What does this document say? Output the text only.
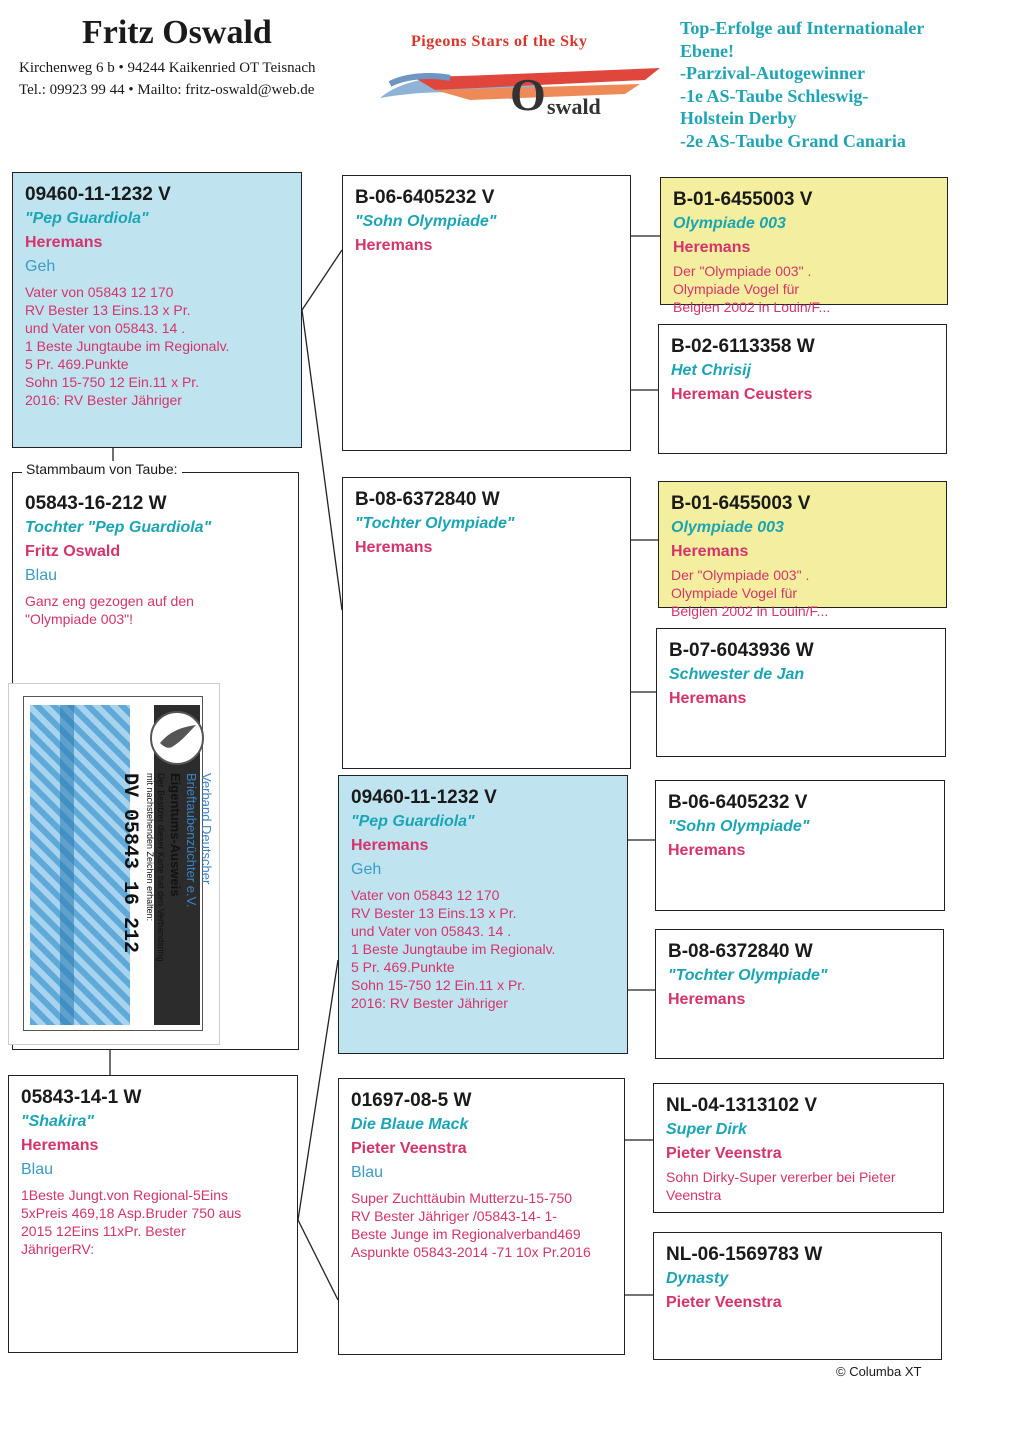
Fritz Oswald
Kirchenweg 6 b • 94244 Kaikenried OT Teisnach
Tel.: 09923 99 44 • Mailto: fritz-oswald@web.de
Pigeons Stars of the Sky
O swald
Top-Erfolge auf Internationaler
Ebene!
-Parzival-Autogewinner
-1e AS-Taube Schleswig-
Holstein Derby
-2e AS-Taube Grand Canaria
09460-11-1232 V
"Pep Guardiola"
Heremans
Geh
Vater von 05843 12 170
RV Bester 13 Eins.13 x Pr.
und Vater von 05843. 14 .
1 Beste Jungtaube im Regionalv.
5 Pr. 469.Punkte
Sohn 15-750 12 Ein.11 x Pr.
2016: RV Bester Jähriger
05843-16-212 W
Tochter "Pep Guardiola"
Fritz Oswald
Blau
Ganz eng gezogen auf den
"Olympiade 003"!
Stammbaum von Taube:
Verband Deutscher
Brieftaubenzüchter e.V.
Eigentums-Ausweis
Der Besitzer dieser Karte hat den Verbandsring
mit nachstehenden Zeichen erhalten:
DV 05843 16 212
05843-14-1 W
"Shakira"
Heremans
Blau
1Beste Jungt.von Regional-5Eins
5xPreis 469,18 Asp.Bruder 750 aus
2015 12Eins 11xPr. Bester
JährigerRV:
B-06-6405232 V
"Sohn Olympiade"
Heremans
B-08-6372840 W
"Tochter Olympiade"
Heremans
09460-11-1232 V
"Pep Guardiola"
Heremans
Geh
Vater von 05843 12 170
RV Bester 13 Eins.13 x Pr.
und Vater von 05843. 14 .
1 Beste Jungtaube im Regionalv.
5 Pr. 469.Punkte
Sohn 15-750 12 Ein.11 x Pr.
2016: RV Bester Jähriger
01697-08-5 W
Die Blaue Mack
Pieter Veenstra
Blau
Super Zuchttäubin Mutterzu-15-750
RV Bester Jähriger /05843-14- 1-
Beste Junge im Regionalverband469
Aspunkte 05843-2014 -71 10x Pr.2016
B-01-6455003 V
Olympiade 003
Heremans
Der "Olympiade 003" .
Olympiade Vogel für
Belgien 2002 in Louin/F...
B-02-6113358 W
Het Chrisij
Hereman Ceusters
B-01-6455003 V
Olympiade 003
Heremans
Der "Olympiade 003" .
Olympiade Vogel für
Belgien 2002 in Louin/F...
B-07-6043936 W
Schwester de Jan
Heremans
B-06-6405232 V
"Sohn Olympiade"
Heremans
B-08-6372840 W
"Tochter Olympiade"
Heremans
NL-04-1313102 V
Super Dirk
Pieter Veenstra
Sohn Dirky-Super vererber bei Pieter
Veenstra
NL-06-1569783 W
Dynasty
Pieter Veenstra
© Columba XT
